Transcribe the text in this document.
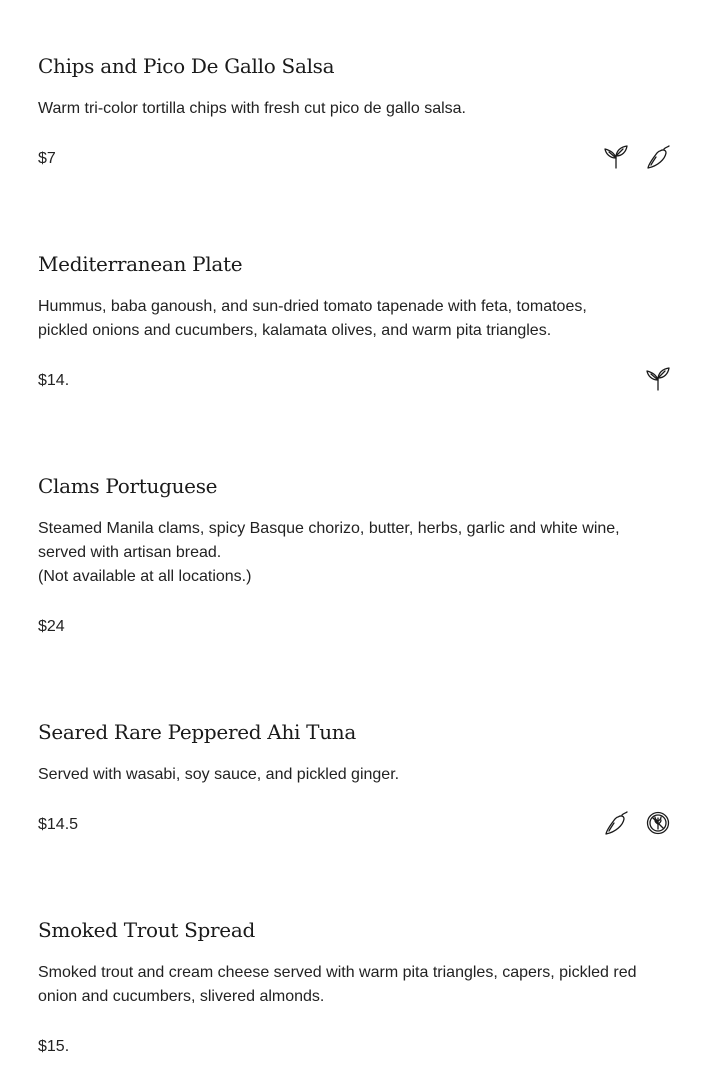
Chips and Pico De Gallo Salsa

Warm tri-color tortilla chips with fresh cut pico de gallo salsa.

$7
Mediterranean Plate

Hummus, baba ganoush, and sun-dried tomato tapenade with feta, tomatoes,
pickled onions and cucumbers, kalamata olives, and warm pita triangles.

$14.
Clams Portuguese

Steamed Manila clams, spicy Basque chorizo, butter, herbs, garlic and white wine,
served with artisan bread.
(Not available at all locations.)

$24
Seared Rare Peppered Ahi Tuna

Served with wasabi, soy sauce, and pickled ginger.

$14.5
Smoked Trout Spread

Smoked trout and cream cheese served with warm pita triangles, capers, pickled red
onion and cucumbers, slivered almonds.

$15.
